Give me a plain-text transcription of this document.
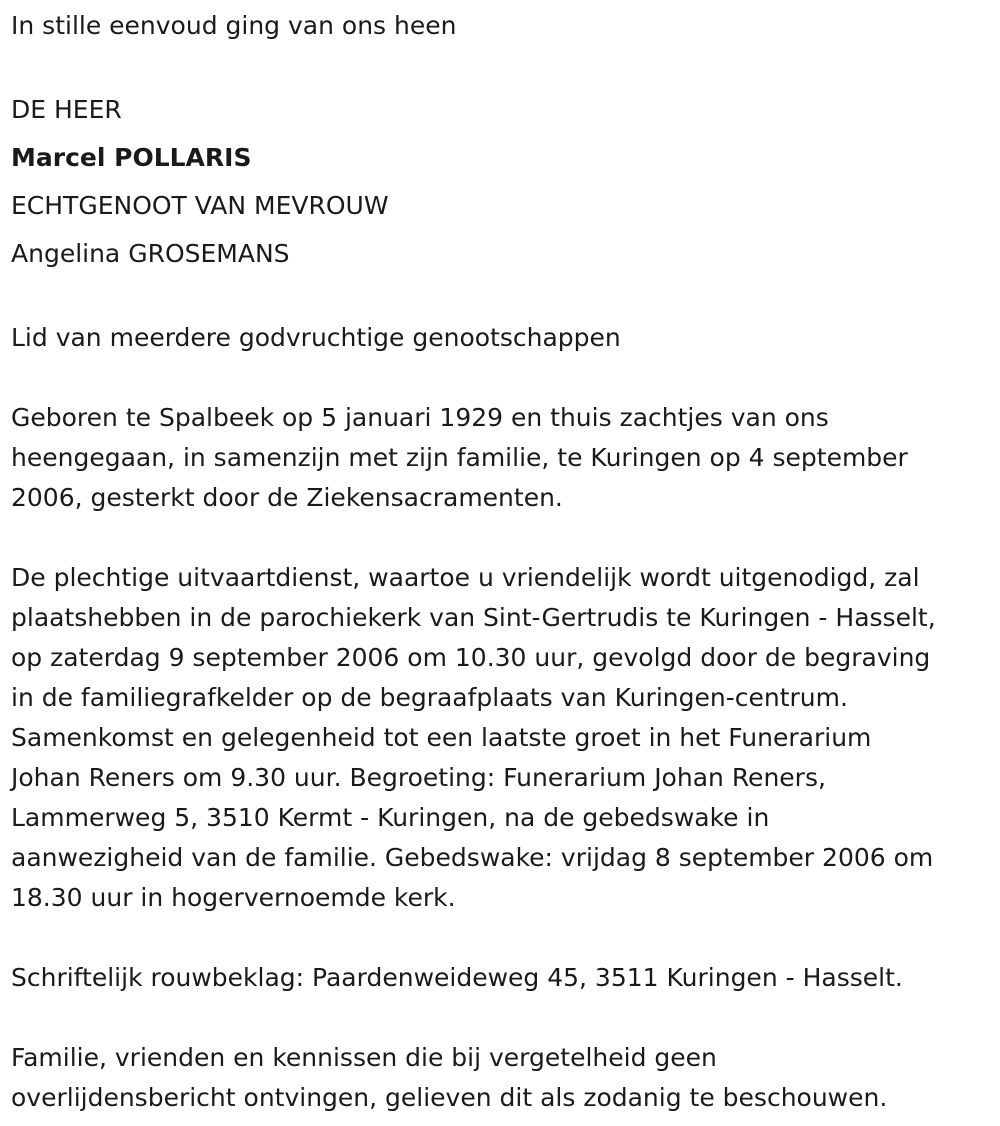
In stille eenvoud ging van ons heen

DE HEER

Marcel POLLARIS

ECHTGENOOT VAN MEVROUW

Angelina GROSEMANS

Lid van meerdere godvruchtige genootschappen

Geboren te Spalbeek op 5 januari 1929 en thuis zachtjes van ons

heengegaan, in samenzijn met zijn familie, te Kuringen op 4 september

2006, gesterkt door de Ziekensacramenten.

De plechtige uitvaartdienst, waartoe u vriendelijk wordt uitgenodigd, zal

plaatshebben in de parochiekerk van Sint-Gertrudis te Kuringen - Hasselt,

op zaterdag 9 september 2006 om 10.30 uur, gevolgd door de begraving

in de familiegrafkelder op de begraafplaats van Kuringen-centrum.

Samenkomst en gelegenheid tot een laatste groet in het Funerarium

Johan Reners om 9.30 uur. Begroeting: Funerarium Johan Reners,

Lammerweg 5, 3510 Kermt - Kuringen, na de gebedswake in

aanwezigheid van de familie. Gebedswake: vrijdag 8 september 2006 om

18.30 uur in hogervernoemde kerk.

Schriftelijk rouwbeklag: Paardenweideweg 45, 3511 Kuringen - Hasselt.

Familie, vrienden en kennissen die bij vergetelheid geen

overlijdensbericht ontvingen, gelieven dit als zodanig te beschouwen.
